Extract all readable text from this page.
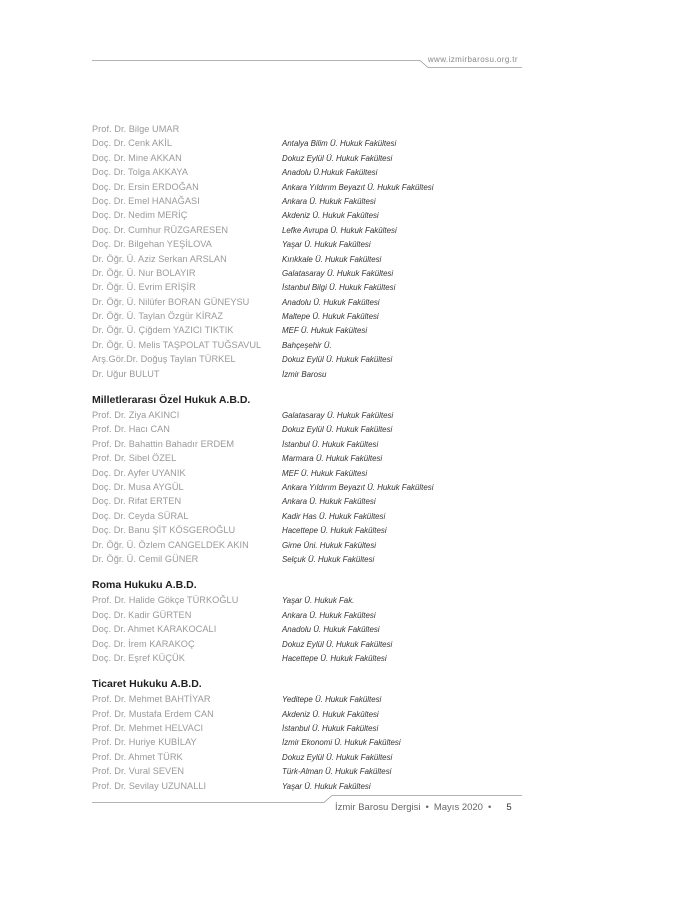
www.izmirbarosu.org.tr
Prof. Dr. Bilge UMAR
Doç. Dr. Cenk AKİL	Antalya Bilim Ü. Hukuk Fakültesi
Doç. Dr. Mine AKKAN	Dokuz Eylül Ü. Hukuk Fakültesi
Doç. Dr. Tolga AKKAYA	Anadolu Ü.Hukuk Fakültesi
Doç. Dr. Ersin ERDOĞAN	Ankara Yıldırım Beyazıt Ü. Hukuk Fakültesi
Doç. Dr. Emel HANAĞASI	Ankara Ü. Hukuk Fakültesi
Doç. Dr. Nedim MERİÇ	Akdeniz Ü. Hukuk Fakültesi
Doç. Dr. Cumhur RÜZGARESEN	Lefke Avrupa Ü. Hukuk Fakültesi
Doç. Dr. Bilgehan YEŞİLOVA	Yaşar Ü. Hukuk Fakültesi
Dr. Öğr. Ü. Aziz Serkan ARSLAN	Kırıkkale Ü. Hukuk Fakültesi
Dr. Öğr. Ü. Nur BOLAYIR	Galatasaray Ü. Hukuk Fakültesi
Dr. Öğr. Ü. Evrim ERİŞİR	İstanbul Bilgi Ü. Hukuk Fakültesi
Dr. Öğr. Ü. Nilüfer BORAN GÜNEYSU	Anadolu Ü. Hukuk Fakültesi
Dr. Öğr. Ü. Taylan Özgür KİRAZ	Maltepe Ü. Hukuk Fakültesi
Dr. Öğr. Ü. Çiğdem YAZICI TIKTIK	MEF Ü. Hukuk Fakültesi
Dr. Öğr. Ü. Melis TAŞPOLAT TUĞSAVUL	Bahçeşehir Ü.
Arş.Gör.Dr. Doğuş Taylan TÜRKEL	Dokuz Eylül Ü. Hukuk Fakültesi
Dr. Uğur BULUT	İzmir Barosu
Milletlerarası Özel Hukuk A.B.D.
Prof. Dr. Ziya AKINCI	Galatasaray Ü. Hukuk Fakültesi
Prof. Dr. Hacı CAN	Dokuz Eylül Ü. Hukuk Fakültesi
Prof. Dr. Bahattin Bahadır ERDEM	İstanbul Ü. Hukuk Fakültesi
Prof. Dr. Sibel ÖZEL	Marmara Ü. Hukuk Fakültesi
Doç. Dr. Ayfer UYANIK	MEF Ü. Hukuk Fakültesi
Doç. Dr. Musa AYGÜL	Ankara Yıldırım Beyazıt Ü. Hukuk Fakültesi
Doç. Dr. Rifat ERTEN	Ankara Ü. Hukuk Fakültesi
Doç. Dr. Ceyda SÜRAL	Kadir Has Ü. Hukuk Fakültesi
Doç. Dr. Banu ŞİT KÖSGEROĞLU	Hacettepe Ü. Hukuk Fakültesi
Dr. Öğr. Ü. Özlem CANGELDEK AKIN	Girne Üni. Hukuk Fakültesi
Dr. Öğr. Ü. Cemil GÜNER	Selçuk Ü. Hukuk Fakültesi
Roma Hukuku A.B.D.
Prof. Dr. Halide Gökçe TÜRKOĞLU	Yaşar Ü. Hukuk Fak.
Doç. Dr. Kadir GÜRTEN	Ankara Ü. Hukuk Fakültesi
Doç. Dr. Ahmet KARAKOCALI	Anadolu Ü. Hukuk Fakültesi
Doç. Dr. İrem KARAKOÇ	Dokuz Eylül Ü. Hukuk Fakültesi
Doç. Dr. Eşref KÜÇÜK	Hacettepe Ü. Hukuk Fakültesi
Ticaret Hukuku A.B.D.
Prof. Dr. Mehmet BAHTİYAR	Yeditepe Ü. Hukuk Fakültesi
Prof. Dr. Mustafa Erdem CAN	Akdeniz Ü. Hukuk Fakültesi
Prof. Dr. Mehmet HELVACI	İstanbul Ü. Hukuk Fakültesi
Prof. Dr. Huriye KUBİLAY	İzmir Ekonomi Ü. Hukuk Fakültesi
Prof. Dr. Ahmet TÜRK	Dokuz Eylül Ü. Hukuk Fakültesi
Prof. Dr. Vural SEVEN	Türk-Alman Ü. Hukuk Fakültesi
Prof. Dr. Sevilay UZUNALLI	Yaşar Ü. Hukuk Fakültesi
İzmir Barosu Dergisi • Mayıs 2020 • 5
